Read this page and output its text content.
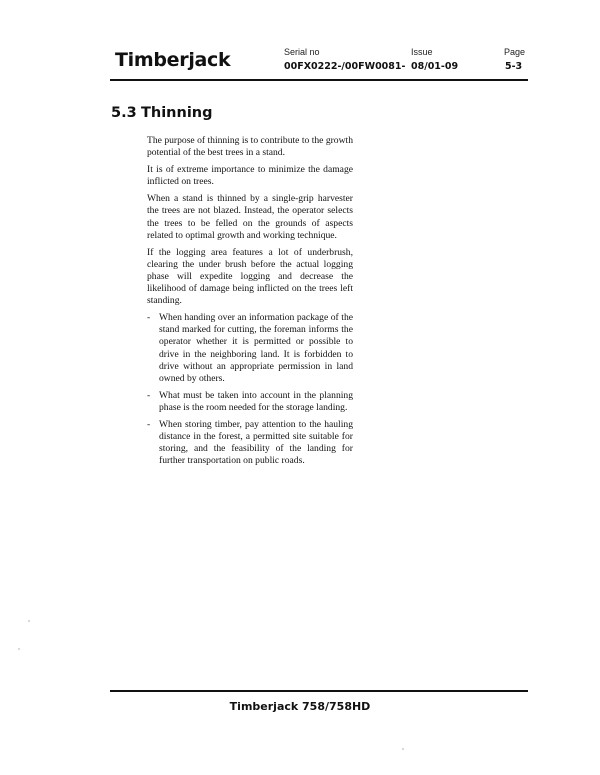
Timberjack	Serial no
00FX0222-/00FW0081-
Issue
08/01-09
Page
5-3
5.3 Thinning

The purpose of thinning is to contribute to the growth potential of the best trees in a stand.

It is of extreme importance to minimize the damage inflicted on trees.

When a stand is thinned by a single-grip harvester the trees are not blazed. Instead, the operator selects the trees to be felled on the grounds of aspects related to optimal growth and working technique.

If the logging area features a lot of underbrush, clearing the under brush before the actual logging phase will expedite logging and decrease the likelihood of damage being inflicted on the trees left standing.

- When handing over an information package of the stand marked for cutting, the foreman informs the operator whether it is permitted or possible to drive in the neighboring land. It is forbidden to drive without an appropriate permission in land owned by others.
- What must be taken into account in the planning phase is the room needed for the storage landing.
- When storing timber, pay attention to the hauling distance in the forest, a permitted site suitable for storing, and the feasibility of the landing for further transportation on public roads.
Timberjack 758/758HD
